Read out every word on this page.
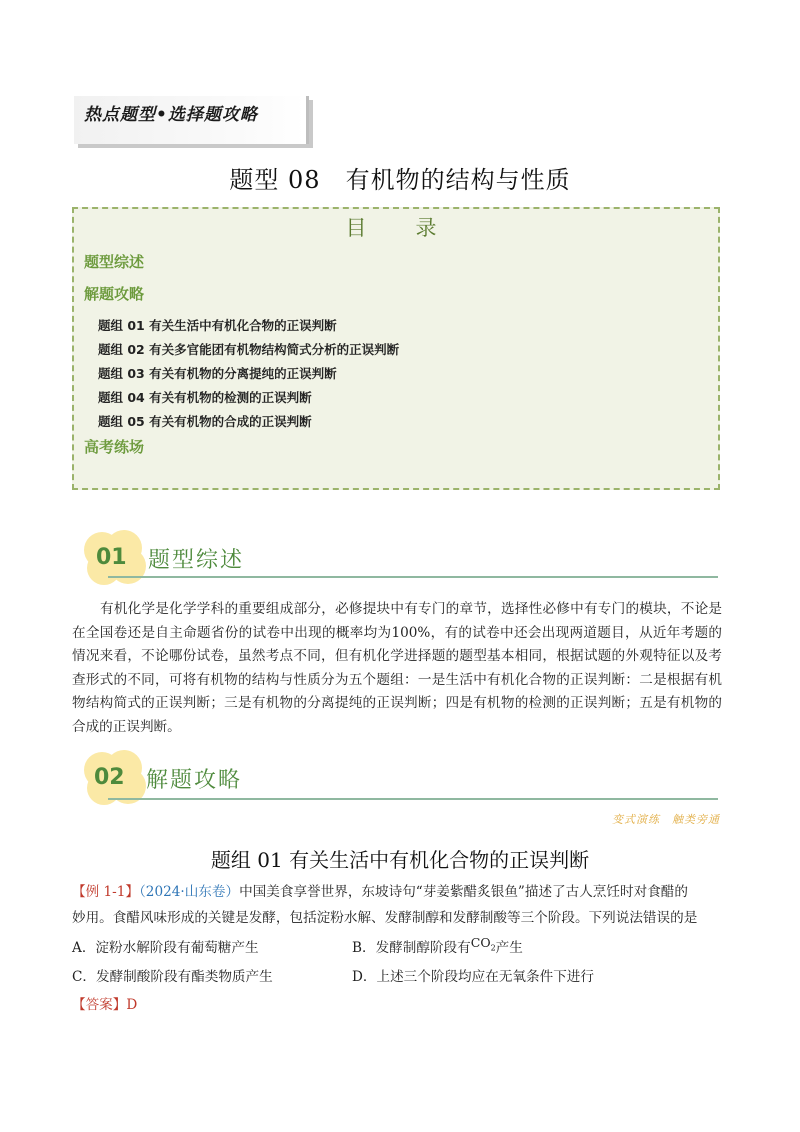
热点题型•选择题攻略
题型 08　有机物的结构与性质
目　录
题型综述
解题攻略
题组 01 有关生活中有机化合物的正误判断
题组 02 有关多官能团有机物结构简式分析的正误判断
题组 03 有关有机物的分离提纯的正误判断
题组 04 有关有机物的检测的正误判断
题组 05 有关有机物的合成的正误判断
高考练场
01 题型综述

有机化学是化学学科的重要组成部分，必修提块中有专门的章节，选择性必修中有专门的模块，不论是在全国卷还是自主命题省份的试卷中出现的概率均为100%，有的试卷中还会出现两道题目，从近年考题的情况来看，不论哪份试卷，虽然考点不同，但有机化学进择题的题型基本相同，根据试题的外观特征以及考查形式的不同，可将有机物的结构与性质分为五个题组：一是生活中有机化合物的正误判断：二是根据有机物结构简式的正误判断；三是有机物的分离提纯的正误判断；四是有机物的检测的正误判断；五是有机物的合成的正误判断。

02 解题攻略
变式演练　触类旁通
题组 01 有关生活中有机化合物的正误判断
【例 1-1】（2024·山东卷）中国美食享誉世界，东坡诗句“芽姜紫醋炙银鱼”描述了古人烹饪时对食醋的
妙用。食醋风味形成的关键是发酵，包括淀粉水解、发酵制醇和发酵制酸等三个阶段。下列说法错误的是
A．淀粉水解阶段有葡萄糖产生	B．发酵制醇阶段有$CO_2$产生
C．发酵制酸阶段有酯类物质产生	D．上述三个阶段均应在无氧条件下进行
【答案】D
